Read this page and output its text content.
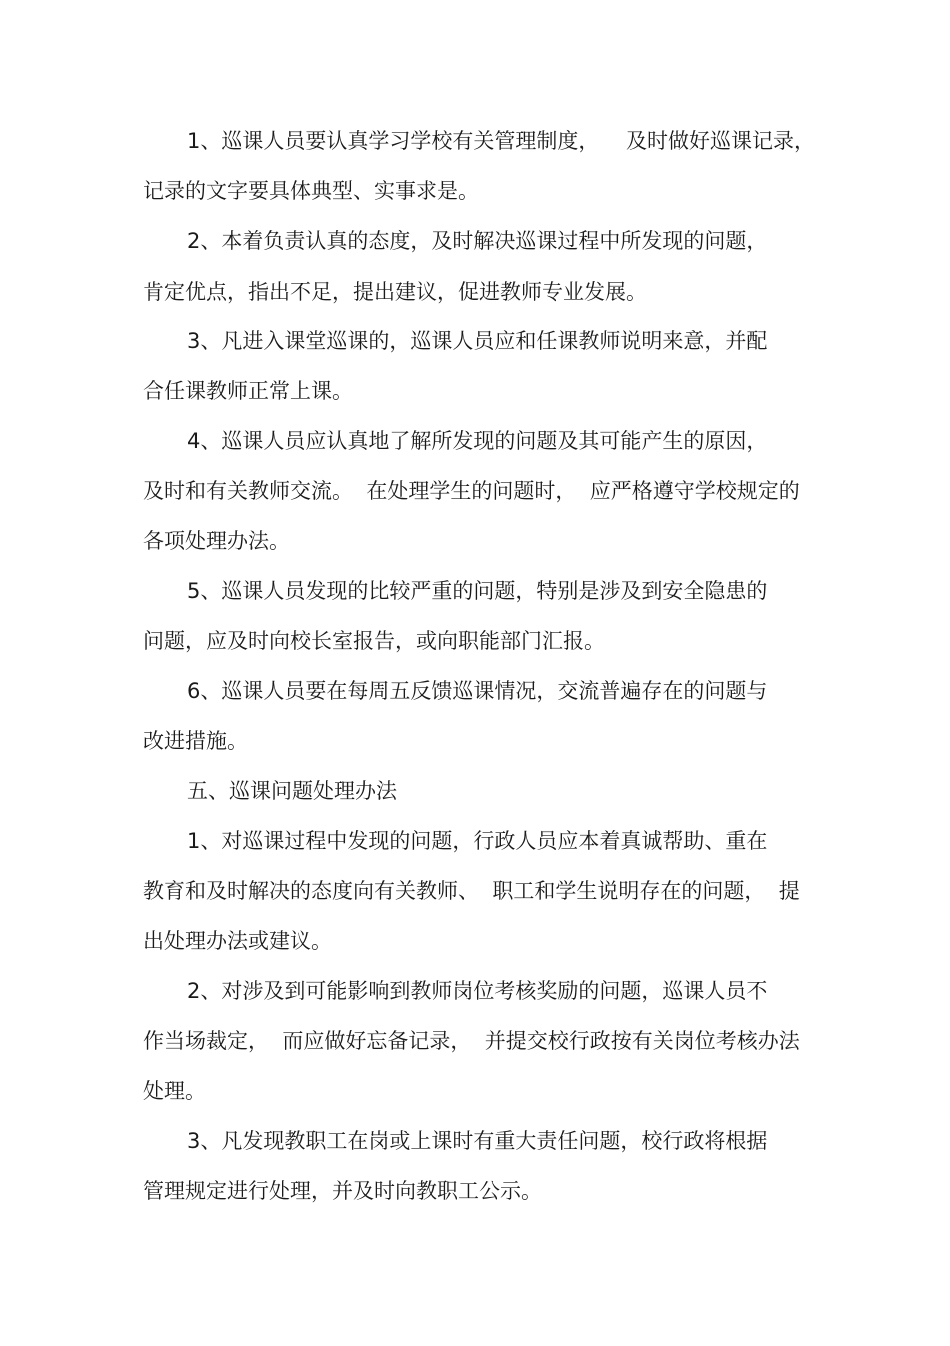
1、巡课人员要认真学习学校有关管理制度，    及时做好巡课记录，
记录的文字要具体典型、实事求是。
2、本着负责认真的态度，及时解决巡课过程中所发现的问题，
肯定优点，指出不足，提出建议，促进教师专业发展。
3、凡进入课堂巡课的，巡课人员应和任课教师说明来意，并配
合任课教师正常上课。
4、巡课人员应认真地了解所发现的问题及其可能产生的原因，
及时和有关教师交流。  在处理学生的问题时，  应严格遵守学校规定的
各项处理办法。
5、巡课人员发现的比较严重的问题，特别是涉及到安全隐患的
问题，应及时向校长室报告，或向职能部门汇报。
6、巡课人员要在每周五反馈巡课情况，交流普遍存在的问题与
改进措施。
五、巡课问题处理办法
1、对巡课过程中发现的问题，行政人员应本着真诚帮助、重在
教育和及时解决的态度向有关教师、  职工和学生说明存在的问题，  提
出处理办法或建议。
2、对涉及到可能影响到教师岗位考核奖励的问题，巡课人员不
作当场裁定，  而应做好忘备记录，  并提交校行政按有关岗位考核办法
处理。
3、凡发现教职工在岗或上课时有重大责任问题，校行政将根据
管理规定进行处理，并及时向教职工公示。
